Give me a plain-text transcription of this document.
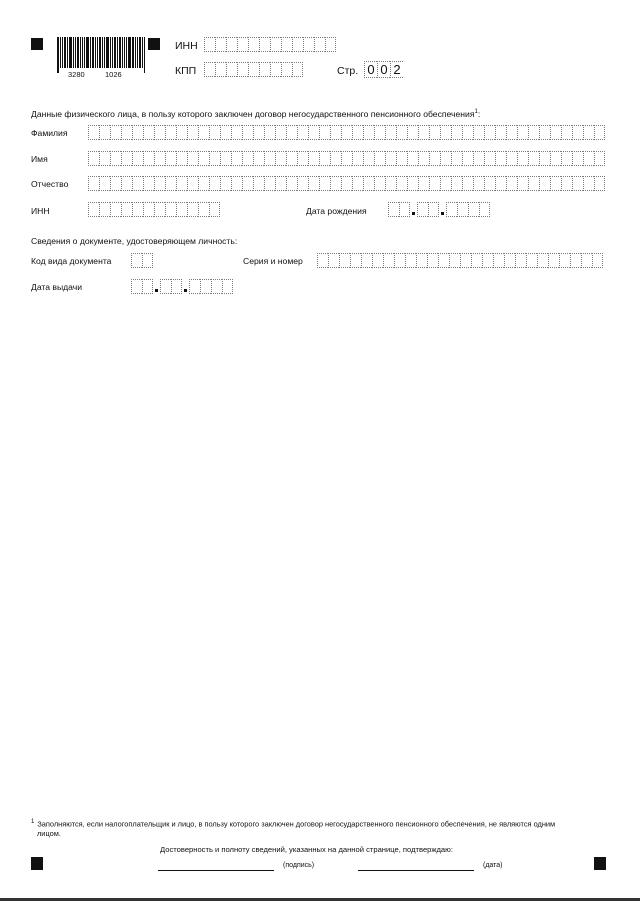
3280	1026
ИНН
КПП	Стр. 0 0 2
Данные физического лица, в пользу которого заключен договор негосударственного пенсионного обеспечения$^1$:
Фамилия
Имя
Отчество
ИНН	Дата рождения
Сведения о документе, удостоверяющем личность:
Код вида документа	Серия и номер
Дата выдачи
$^1$ Заполняются, если налогоплательщик и лицо, в пользу которого заключен договор негосударственного пенсионного обеспечения, не являются одним лицом.
Достоверность и полноту сведений, указанных на данной странице, подтверждаю:
(подпись)	(дата)
